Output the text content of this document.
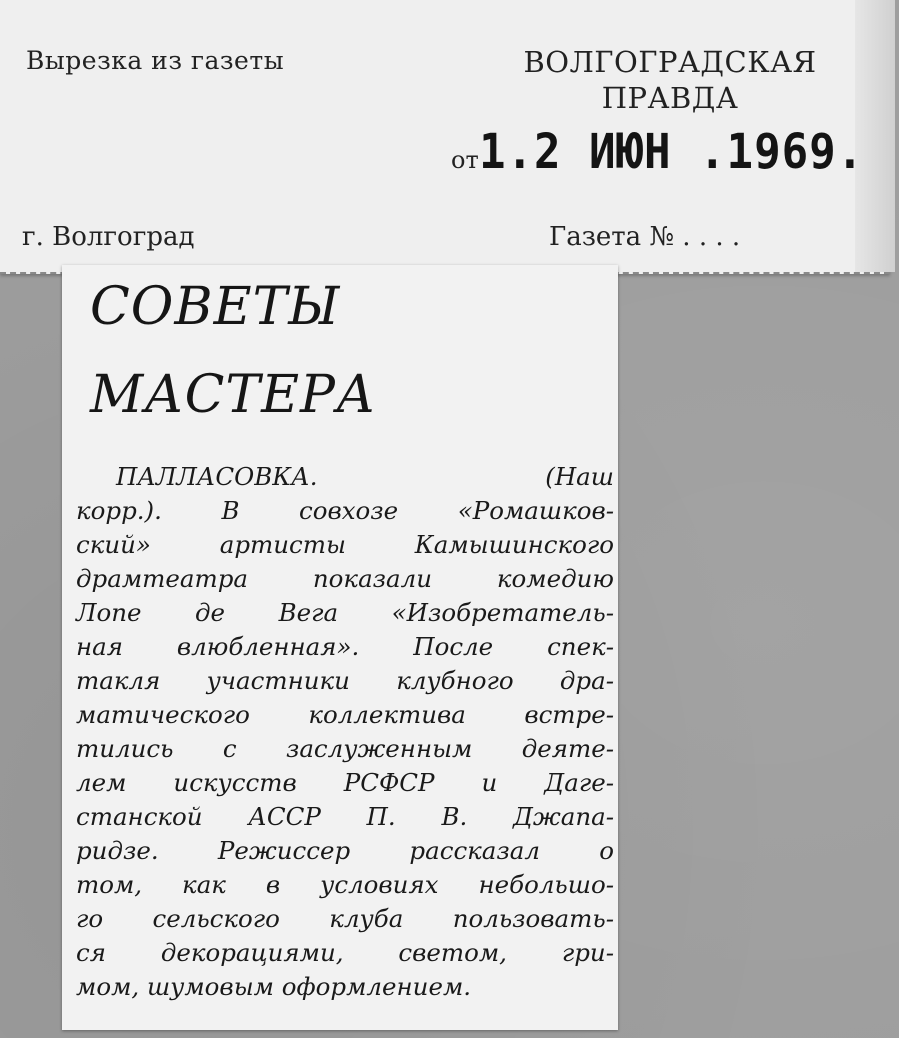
Вырезка из газеты	ВОЛГОГРАДСКАЯ
ПРАВДА
от1.2 ИЮН .1969.
г. Волгоград	Газета № . . . .
СОВЕТЫ
МАСТЕРА
ПАЛЛАСОВКА. (Наш
корр.). В совхозе «Ромашков-
ский» артисты Камышинского
драмтеатра показали комедию
Лопе де Вега «Изобретатель-
ная влюбленная». После спек-
такля участники клубного дра-
матического коллектива встре-
тились с заслуженным деяте-
лем искусств РСФСР и Даге-
станской АССР П. В. Джапа-
ридзе. Режиссер рассказал о
том, как в условиях небольшо-
го сельского клуба пользовать-
ся декорациями, светом, гри-
мом, шумовым оформлением.
